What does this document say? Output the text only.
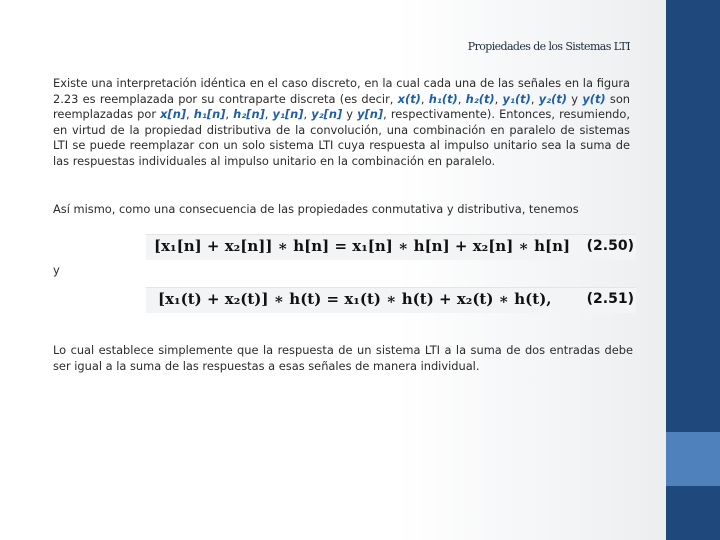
Propiedades de los Sistemas LTI

Existe una interpretación idéntica en el caso discreto, en la cual cada una de las señales en la figura 2.23 es reemplazada por su contraparte discreta (es decir, x(t), h₁(t), h₂(t), y₁(t), y₂(t) y y(t) son reemplazadas por x[n], h₁[n], h₂[n], y₁[n], y₂[n] y y[n], respectivamente). Entonces, resumiendo, en virtud de la propiedad distributiva de la convolución, una combinación en paralelo de sistemas LTI se puede reemplazar con un solo sistema LTI cuya respuesta al impulso unitario sea la suma de las respuestas individuales al impulso unitario en la combinación en paralelo.

Así mismo, como una consecuencia de las propiedades conmutativa y distributiva, tenemos

[x₁[n] + x₂[n]] ∗ h[n] = x₁[n] ∗ h[n] + x₂[n] ∗ h[n] (2.50)
y
[x₁(t) + x₂(t)] ∗ h(t) = x₁(t) ∗ h(t) + x₂(t) ∗ h(t),	(2.51)

Lo cual establece simplemente que la respuesta de un sistema LTI a la suma de dos entradas debe ser igual a la suma de las respuestas a esas señales de manera individual.
